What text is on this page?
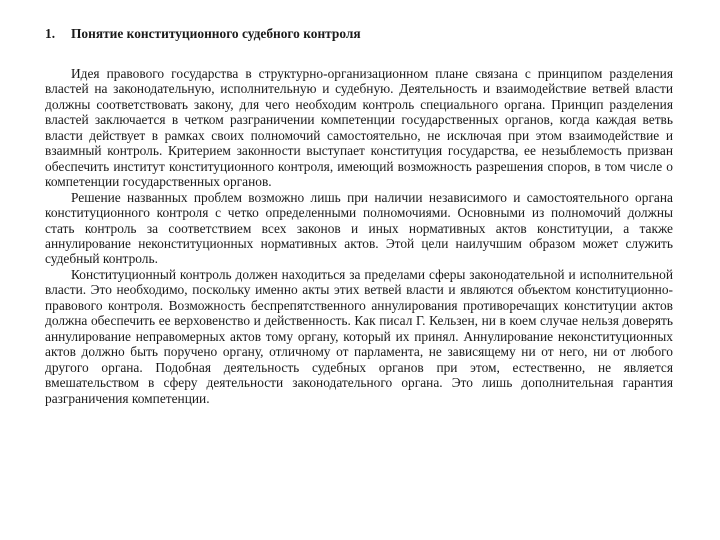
1. Понятие конституционного судебного контроля

Идея правового государства в структурно-организационном плане связана с принципом разделения властей на законодательную, исполнительную и судебную. Деятельность и взаимодействие ветвей власти должны соответствовать закону, для чего необходим контроль специального органа. Принцип разделения властей заключается в четком разграничении компетенции государственных органов, когда каждая ветвь власти действует в рамках своих полномочий самостоятельно, не исключая при этом взаимодействие и взаимный контроль. Критерием законности выступает конституция государства, ее незыблемость призван обеспечить институт конституционного контроля, имеющий возможность разрешения споров, в том числе о компетенции государственных органов.

Решение названных проблем возможно лишь при наличии независимого и самостоятельного органа конституционного контроля с четко определенными полномочиями. Основными из полномочий должны стать контроль за соответствием всех законов и иных нормативных актов конституции, а также аннулирование неконституционных нормативных актов. Этой цели наилучшим образом может служить судебный контроль.

Конституционный контроль должен находиться за пределами сферы законодательной и исполнительной власти. Это необходимо, поскольку именно акты этих ветвей власти и являются объектом конституционно-правового контроля. Возможность беспрепятственного аннулирования противоречащих конституции актов должна обеспечить ее верховенство и действенность. Как писал Г. Кельзен, ни в коем случае нельзя доверять аннулирование неправомерных актов тому органу, который их принял. Аннулирование неконституционных актов должно быть поручено органу, отличному от парламента, не зависящему ни от него, ни от любого другого органа. Подобная деятельность судебных органов при этом, естественно, не является вмешательством в сферу деятельности законодательного органа. Это лишь дополнительная гарантия разграничения компетенции.
